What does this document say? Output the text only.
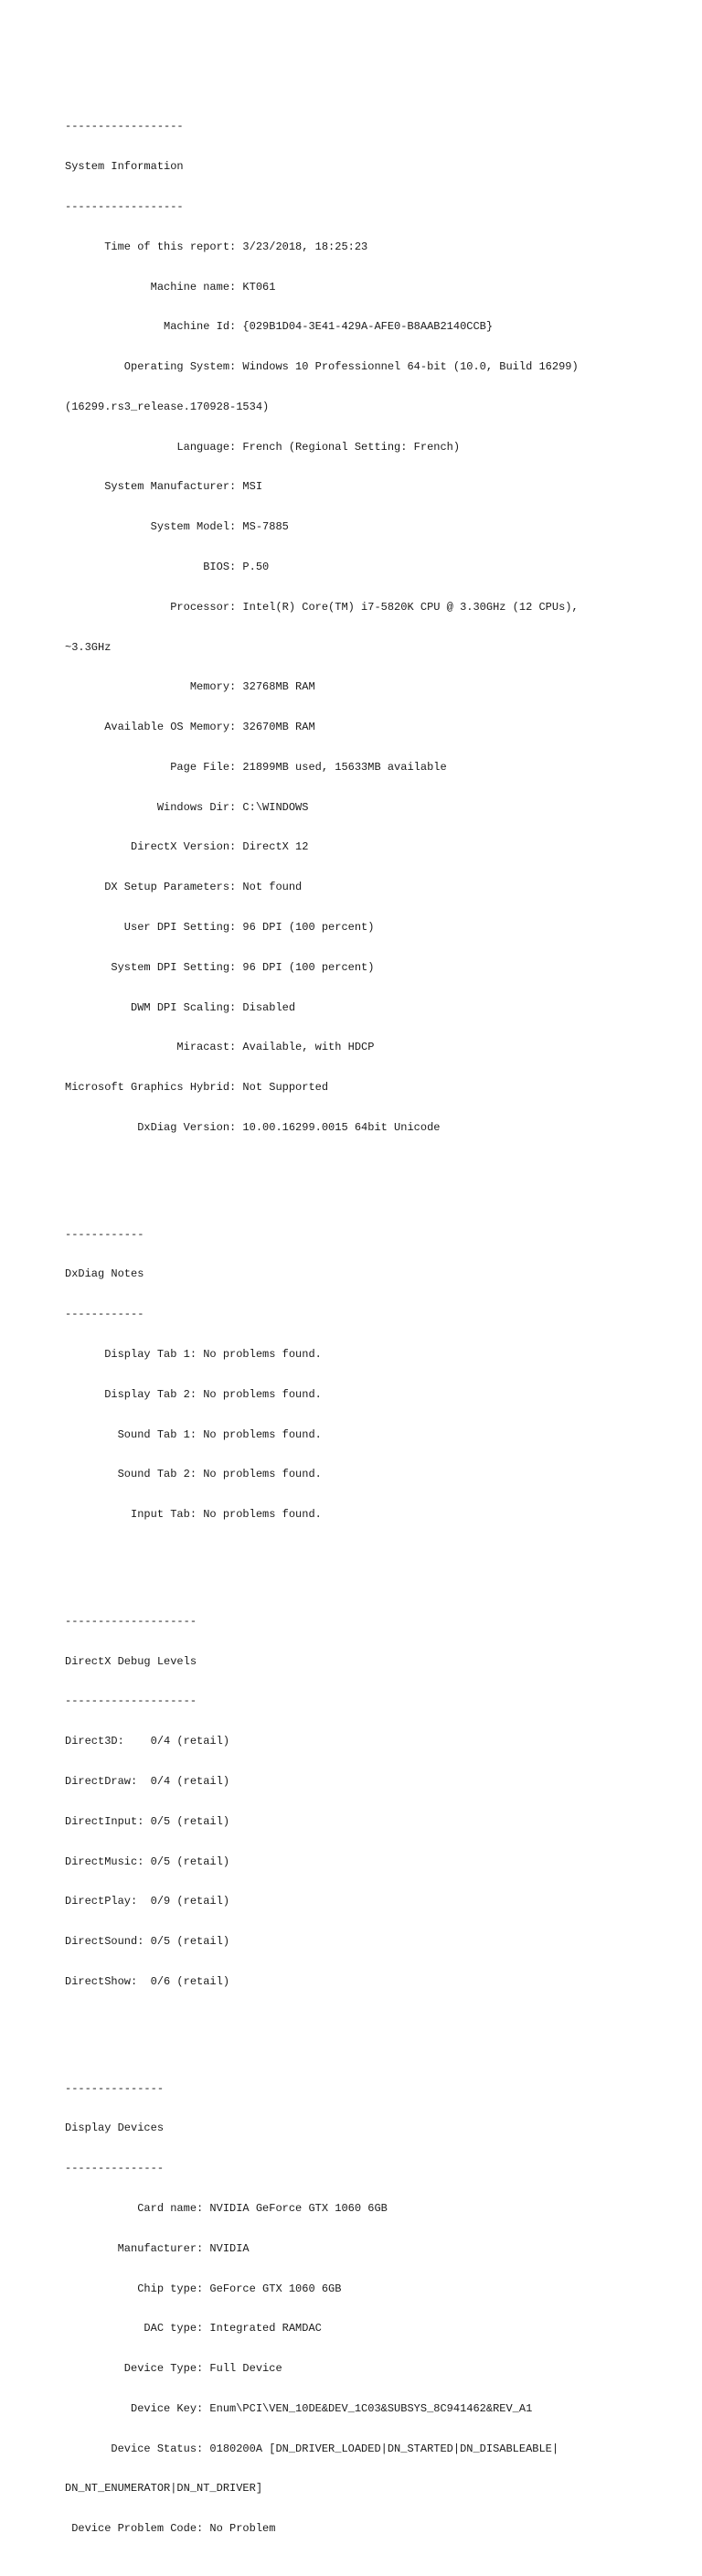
------------------

System Information

------------------

Time of this report: 3/23/2018, 18:25:23

Machine name: KT061

Machine Id: {029B1D04-3E41-429A-AFE0-B8AAB2140CCB}

Operating System: Windows 10 Professionnel 64-bit (10.0, Build 16299)

(16299.rs3_release.170928-1534)

Language: French (Regional Setting: French)

System Manufacturer: MSI

System Model: MS-7885

BIOS: P.50

Processor: Intel(R) Core(TM) i7-5820K CPU @ 3.30GHz (12 CPUs),

~3.3GHz

Memory: 32768MB RAM

Available OS Memory: 32670MB RAM

Page File: 21899MB used, 15633MB available

Windows Dir: C:\WINDOWS

DirectX Version: DirectX 12

DX Setup Parameters: Not found

User DPI Setting: 96 DPI (100 percent)

System DPI Setting: 96 DPI (100 percent)

DWM DPI Scaling: Disabled

Miracast: Available, with HDCP

Microsoft Graphics Hybrid: Not Supported

DxDiag Version: 10.00.16299.0015 64bit Unicode

------------

DxDiag Notes

------------

Display Tab 1: No problems found.

Display Tab 2: No problems found.

Sound Tab 1: No problems found.

Sound Tab 2: No problems found.

Input Tab: No problems found.

--------------------

DirectX Debug Levels

--------------------

Direct3D:    0/4 (retail)

DirectDraw:  0/4 (retail)

DirectInput: 0/5 (retail)

DirectMusic: 0/5 (retail)

DirectPlay:  0/9 (retail)

DirectSound: 0/5 (retail)

DirectShow:  0/6 (retail)

---------------

Display Devices

---------------

Card name: NVIDIA GeForce GTX 1060 6GB

Manufacturer: NVIDIA

Chip type: GeForce GTX 1060 6GB

DAC type: Integrated RAMDAC

Device Type: Full Device

Device Key: Enum\PCI\VEN_10DE&DEV_1C03&SUBSYS_8C941462&REV_A1

Device Status: 0180200A [DN_DRIVER_LOADED|DN_STARTED|DN_DISABLEABLE|

DN_NT_ENUMERATOR|DN_NT_DRIVER]

Device Problem Code: No Problem
